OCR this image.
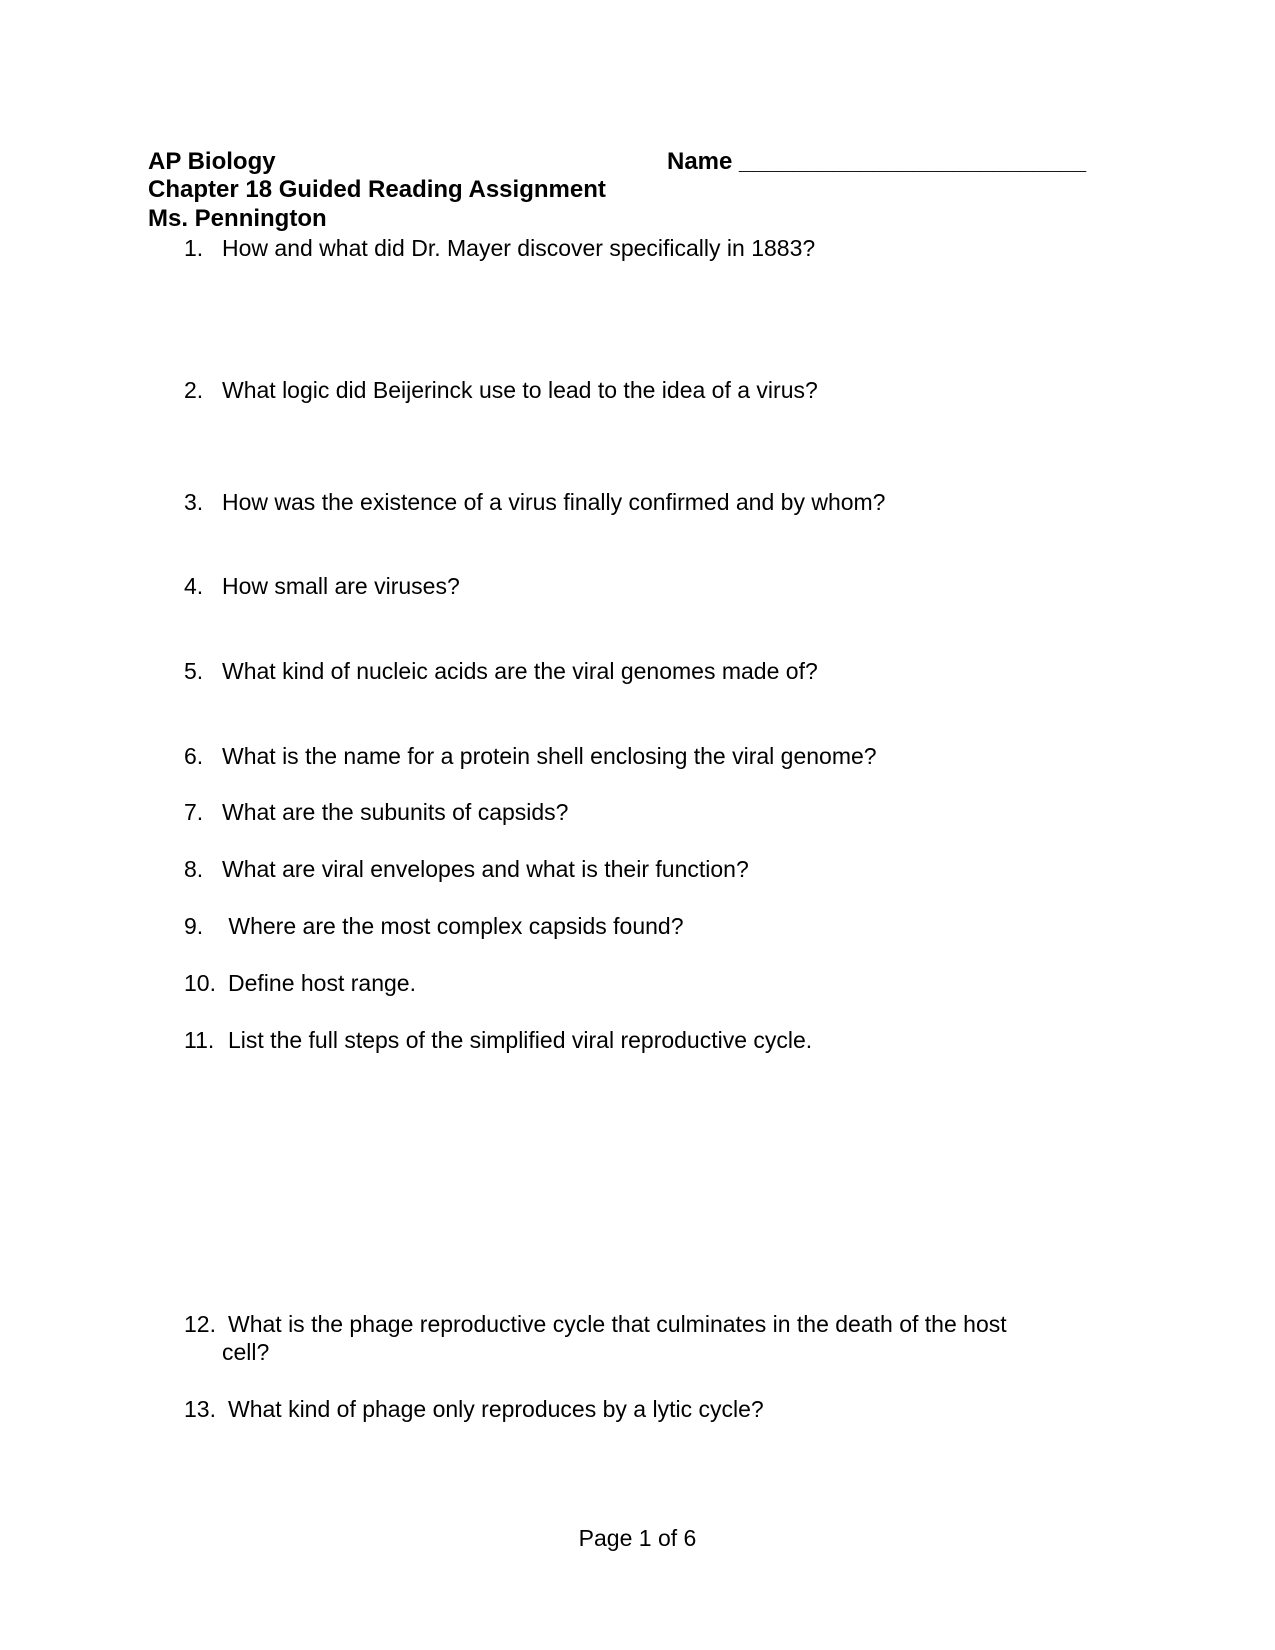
AP Biology	Name __________________________
Chapter 18 Guided Reading Assignment
Ms. Pennington
1. How and what did Dr. Mayer discover specifically in 1883?
2. What logic did Beijerinck use to lead to the idea of a virus?
3. How was the existence of a virus finally confirmed and by whom?
4. How small are viruses?
5. What kind of nucleic acids are the viral genomes made of?
6. What is the name for a protein shell enclosing the viral genome?
7. What are the subunits of capsids?
8. What are viral envelopes and what is their function?
9. Where are the most complex capsids found?
10. Define host range.
11. List the full steps of the simplified viral reproductive cycle.
12. What is the phage reproductive cycle that culminates in the death of the host
cell?
13. What kind of phage only reproduces by a lytic cycle?
Page 1 of 6
